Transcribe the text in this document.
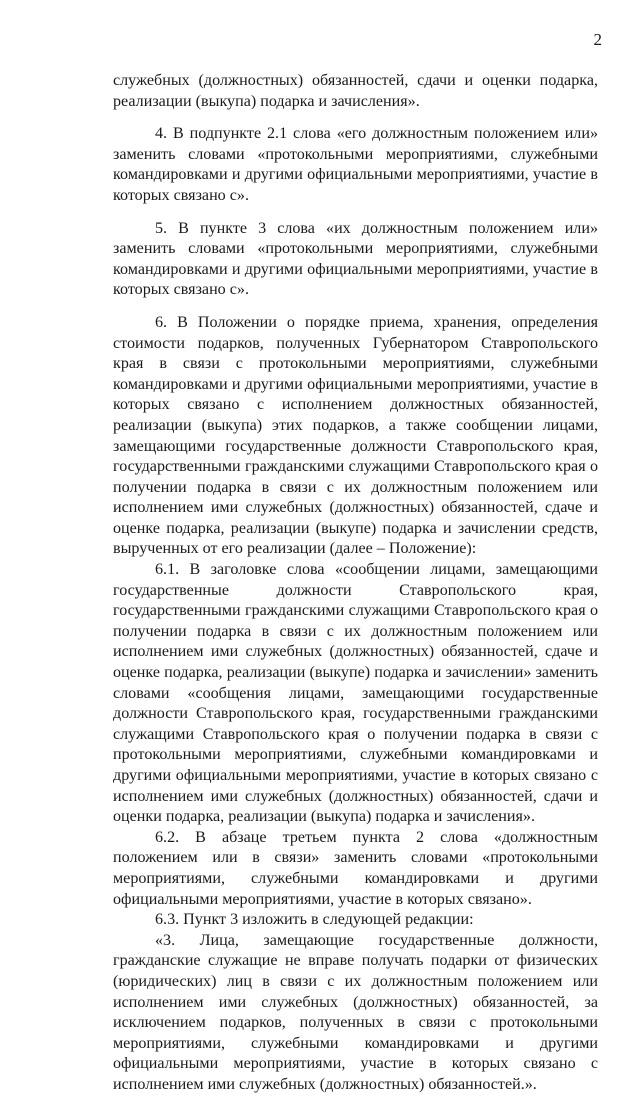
2

служебных (должностных) обязанностей, сдачи и оценки подарка, реализации (выкупа) подарка и зачисления».

4. В подпункте 2.1 слова «его должностным положением или» заменить словами «протокольными мероприятиями, служебными командировками и другими официальными мероприятиями, участие в которых связано с».

5. В пункте 3 слова «их должностным положением или» заменить словами «протокольными мероприятиями, служебными командировками и другими официальными мероприятиями, участие в которых связано с».

6. В Положении о порядке приема, хранения, определения стоимости подарков, полученных Губернатором Ставропольского края в связи с протокольными мероприятиями, служебными командировками и другими официальными мероприятиями, участие в которых связано с исполнением должностных обязанностей, реализации (выкупа) этих подарков, а также сообщении лицами, замещающими государственные должности Ставропольского края, государственными гражданскими служащими Ставропольского края о получении подарка в связи с их должностным положением или исполнением ими служебных (должностных) обязанностей, сдаче и оценке подарка, реализации (выкупе) подарка и зачислении средств, вырученных от его реализации (далее – Положение):

6.1. В заголовке слова «сообщении лицами, замещающими государственные должности Ставропольского края, государственными гражданскими служащими Ставропольского края о получении подарка в связи с их должностным положением или исполнением ими служебных (должностных) обязанностей, сдаче и оценке подарка, реализации (выкупе) подарка и зачислении» заменить словами «сообщения лицами, замещающими государственные должности Ставропольского края, государственными гражданскими служащими Ставропольского края о получении подарка в связи с протокольными мероприятиями, служебными командировками и другими официальными мероприятиями, участие в которых связано с исполнением ими служебных (должностных) обязанностей, сдачи и оценки подарка, реализации (выкупа) подарка и зачисления».

6.2. В абзаце третьем пункта 2 слова «должностным положением или в связи» заменить словами «протокольными мероприятиями, служебными командировками и другими официальными мероприятиями, участие в которых связано».

6.3. Пункт 3 изложить в следующей редакции:

«3. Лица, замещающие государственные должности, гражданские служащие не вправе получать подарки от физических (юридических) лиц в связи с их должностным положением или исполнением ими служебных (должностных) обязанностей, за исключением подарков, полученных в связи с протокольными мероприятиями, служебными командировками и другими официальными мероприятиями, участие в которых связано с исполнением ими служебных (должностных) обязанностей.».
